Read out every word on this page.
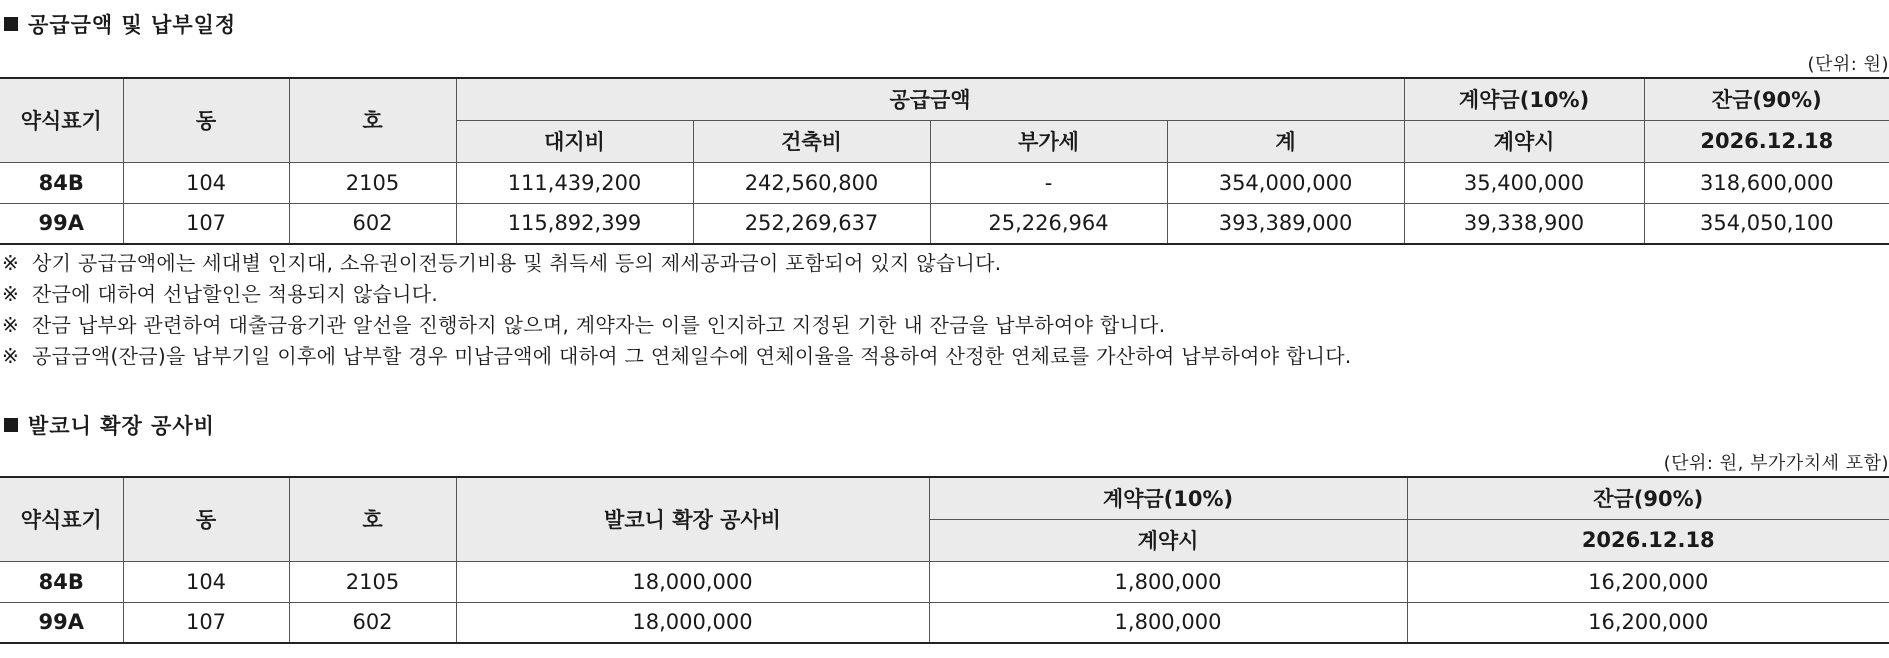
공급금액 및 납부일정
(단위: 원)
약식표기	동	호	공급금액				계약금(10%)	잔금(90%)
			대지비	건축비	부가세	계	계약시	2026.12.18
84B	104	2105	111,439,200	242,560,800	-	354,000,000	35,400,000	318,600,000
99A	107	602	115,892,399	252,269,637	25,226,964	393,389,000	39,338,900	354,050,100
※ 상기 공급금액에는 세대별 인지대, 소유권이전등기비용 및 취득세 등의 제세공과금이 포함되어 있지 않습니다.
※ 잔금에 대하여 선납할인은 적용되지 않습니다.
※ 잔금 납부와 관련하여 대출금융기관 알선을 진행하지 않으며, 계약자는 이를 인지하고 지정된 기한 내 잔금을 납부하여야 합니다.
※ 공급금액(잔금)을 납부기일 이후에 납부할 경우 미납금액에 대하여 그 연체일수에 연체이율을 적용하여 산정한 연체료를 가산하여 납부하여야 합니다.
발코니 확장 공사비
(단위: 원, 부가가치세 포함)
약식표기	동	호	발코니 확장 공사비	계약금(10%)	잔금(90%)
				계약시	2026.12.18
84B	104	2105	18,000,000	1,800,000	16,200,000
99A	107	602	18,000,000	1,800,000	16,200,000
